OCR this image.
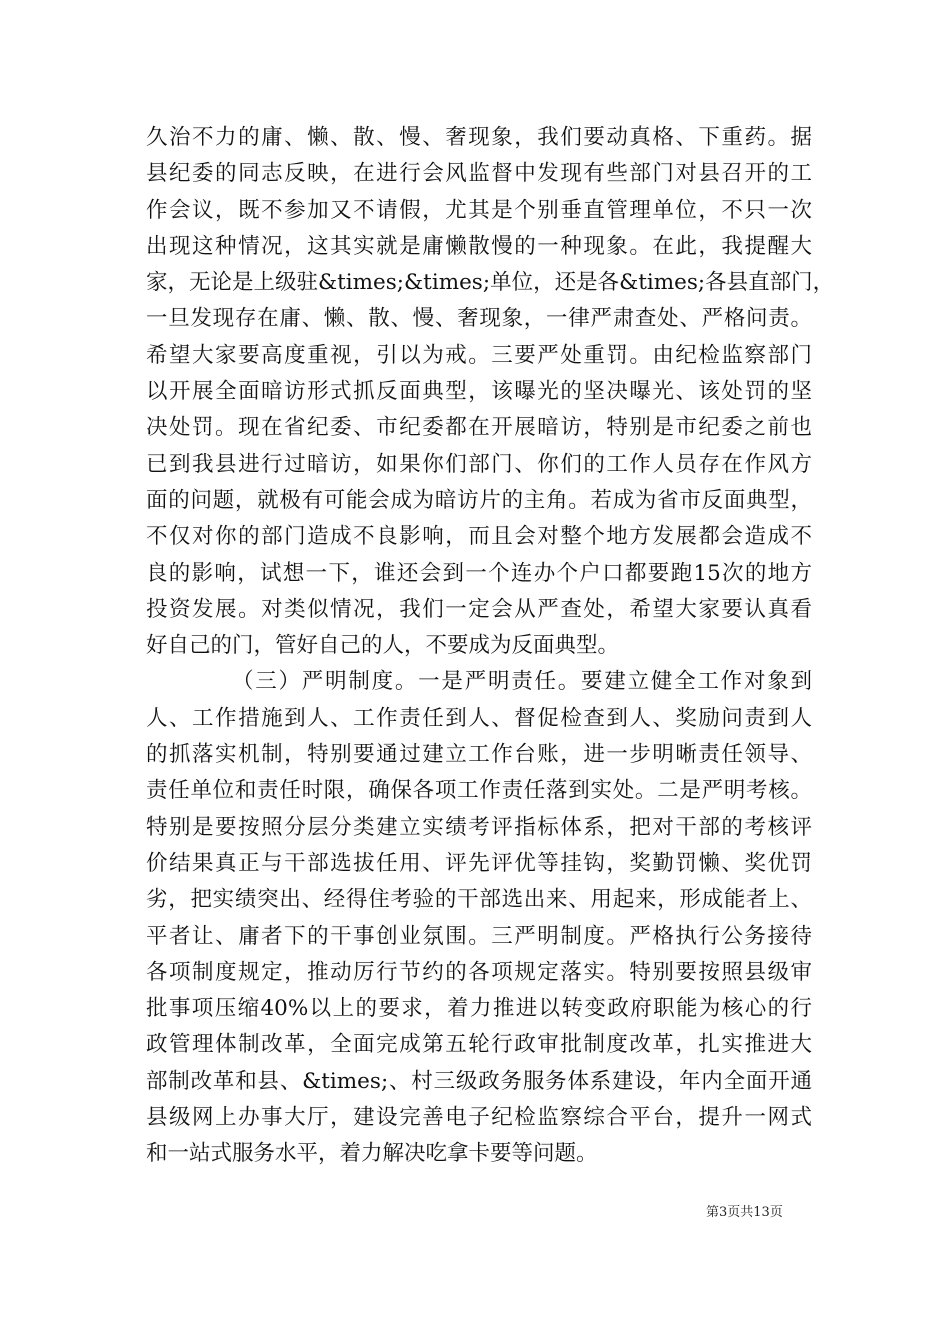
久治不力的庸、懒、散、慢、奢现象，我们要动真格、下重药。据
县纪委的同志反映，在进行会风监督中发现有些部门对县召开的工
作会议，既不参加又不请假，尤其是个别垂直管理单位，不只一次
出现这种情况，这其实就是庸懒散慢的一种现象。在此，我提醒大
家，无论是上级驻&times;&times;单位，还是各&times;各县直部门，
一旦发现存在庸、懒、散、慢、奢现象，一律严肃查处、严格问责。
希望大家要高度重视，引以为戒。三要严处重罚。由纪检监察部门
以开展全面暗访形式抓反面典型，该曝光的坚决曝光、该处罚的坚
决处罚。现在省纪委、市纪委都在开展暗访，特别是市纪委之前也
已到我县进行过暗访，如果你们部门、你们的工作人员存在作风方
面的问题，就极有可能会成为暗访片的主角。若成为省市反面典型，
不仅对你的部门造成不良影响，而且会对整个地方发展都会造成不
良的影响，试想一下，谁还会到一个连办个户口都要跑15次的地方
投资发展。对类似情况，我们一定会从严查处，希望大家要认真看
好自己的门，管好自己的人，不要成为反面典型。
（三）严明制度。一是严明责任。要建立健全工作对象到
人、工作措施到人、工作责任到人、督促检查到人、奖励问责到人
的抓落实机制，特别要通过建立工作台账，进一步明晰责任领导、
责任单位和责任时限，确保各项工作责任落到实处。二是严明考核。
特别是要按照分层分类建立实绩考评指标体系，把对干部的考核评
价结果真正与干部选拔任用、评先评优等挂钩，奖勤罚懒、奖优罚
劣，把实绩突出、经得住考验的干部选出来、用起来，形成能者上、
平者让、庸者下的干事创业氛围。三严明制度。严格执行公务接待
各项制度规定，推动厉行节约的各项规定落实。特别要按照县级审
批事项压缩40%以上的要求，着力推进以转变政府职能为核心的行
政管理体制改革，全面完成第五轮行政审批制度改革，扎实推进大
部制改革和县、&times;、村三级政务服务体系建设，年内全面开通
县级网上办事大厅，建设完善电子纪检监察综合平台，提升一网式
和一站式服务水平，着力解决吃拿卡要等问题。
第3页共13页
